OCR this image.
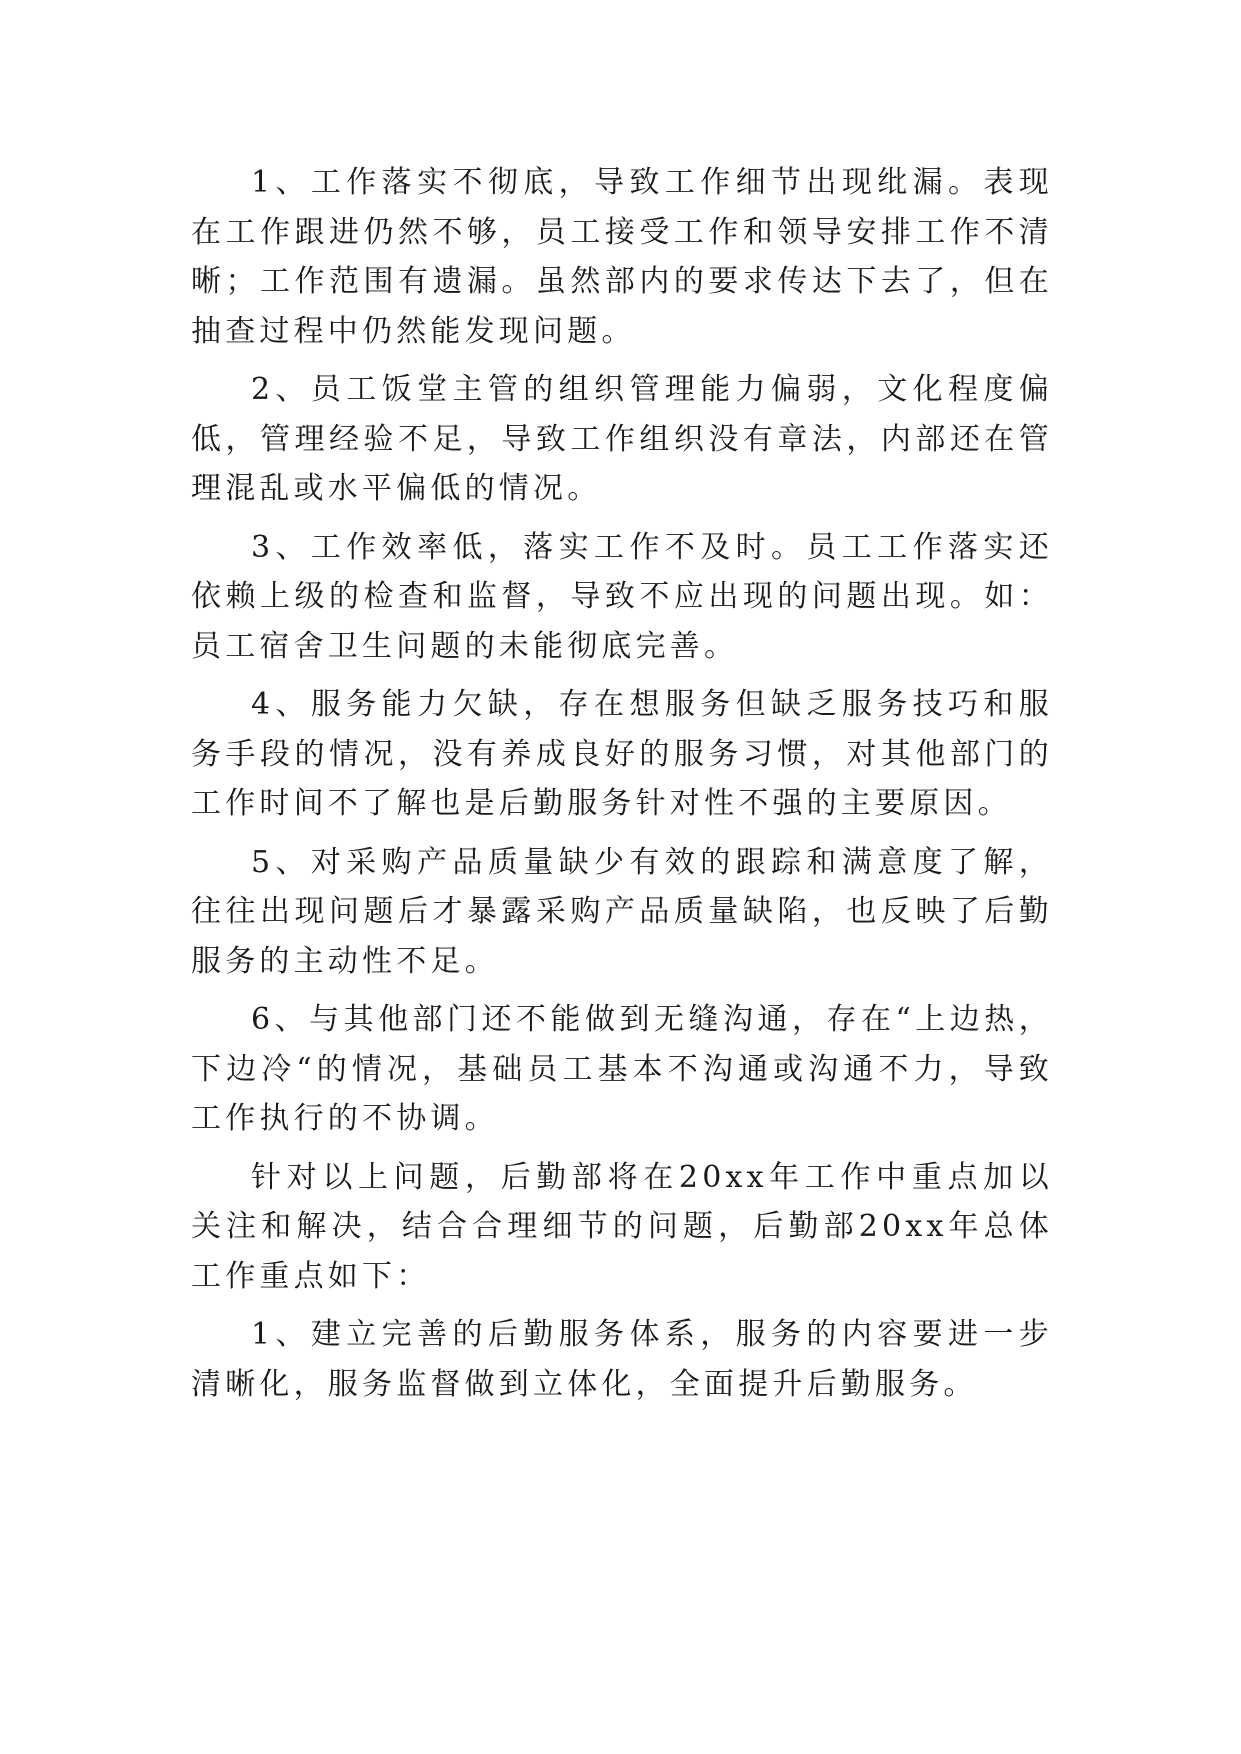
1、工作落实不彻底，导致工作细节出现纰漏。表现在工作跟进仍然不够，员工接受工作和领导安排工作不清晰；工作范围有遗漏。虽然部内的要求传达下去了，但在抽查过程中仍然能发现问题。

2、员工饭堂主管的组织管理能力偏弱，文化程度偏低，管理经验不足，导致工作组织没有章法，内部还在管理混乱或水平偏低的情况。

3、工作效率低，落实工作不及时。员工工作落实还依赖上级的检查和监督，导致不应出现的问题出现。如：员工宿舍卫生问题的未能彻底完善。

4、服务能力欠缺，存在想服务但缺乏服务技巧和服务手段的情况，没有养成良好的服务习惯，对其他部门的工作时间不了解也是后勤服务针对性不强的主要原因。

5、对采购产品质量缺少有效的跟踪和满意度了解，往往出现问题后才暴露采购产品质量缺陷，也反映了后勤服务的主动性不足。

6、与其他部门还不能做到无缝沟通，存在“上边热，下边冷“的情况，基础员工基本不沟通或沟通不力，导致工作执行的不协调。

针对以上问题，后勤部将在20xx年工作中重点加以关注和解决，结合合理细节的问题，后勤部20xx年总体工作重点如下：

1、建立完善的后勤服务体系，服务的内容要进一步清晰化，服务监督做到立体化，全面提升后勤服务。
